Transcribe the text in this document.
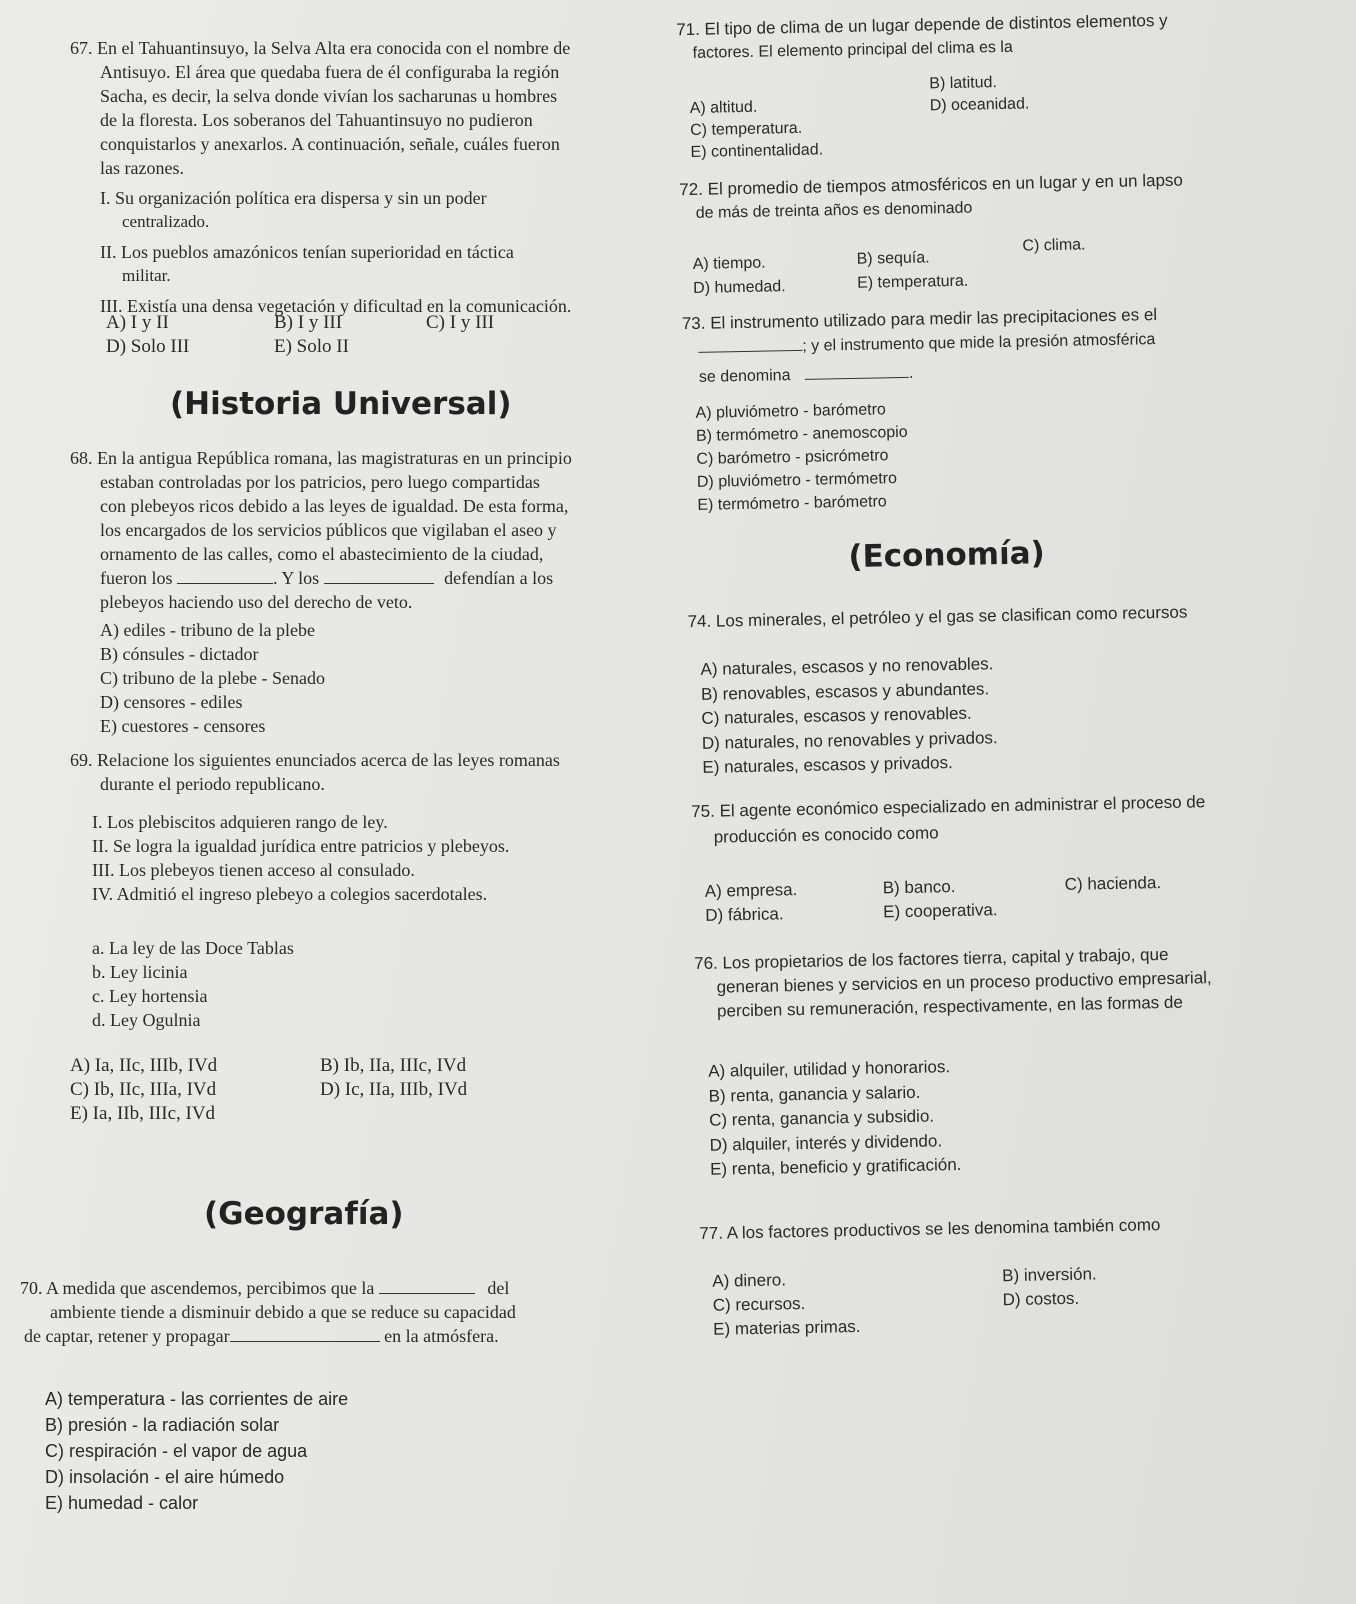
67. En el Tahuantinsuyo, la Selva Alta era conocida con el nombre de

Antisuyo. El área que quedaba fuera de él configuraba la región

Sacha, es decir, la selva donde vivían los sacharunas u hombres

de la floresta. Los soberanos del Tahuantinsuyo no pudieron

conquistarlos y anexarlos. A continuación, señale, cuáles fueron

las razones.

I. Su organización política era dispersa y sin un poder

centralizado.

II. Los pueblos amazónicos tenían superioridad en táctica

militar.

III. Existía una densa vegetación y dificultad en la comunicación.

A) I y II	B) I y III	C) I y III
D) Solo III	E) Solo II
(Historia Universal)

68. En la antigua República romana, las magistraturas en un principio

estaban controladas por los patricios, pero luego compartidas

con plebeyos ricos debido a las leyes de igualdad. De esta forma,

los encargados de los servicios públicos que vigilaban el aseo y

ornamento de las calles, como el abastecimiento de la ciudad,

fueron los	. Y los	defendían a los

plebeyos haciendo uso del derecho de veto.

A) ediles - tribuno de la plebe
B) cónsules - dictador
C) tribuno de la plebe - Senado
D) censores - ediles
E) cuestores - censores

69. Relacione los siguientes enunciados acerca de las leyes romanas

durante el periodo republicano.

I. Los plebiscitos adquieren rango de ley.
II. Se logra la igualdad jurídica entre patricios y plebeyos.
III. Los plebeyos tienen acceso al consulado.
IV. Admitió el ingreso plebeyo a colegios sacerdotales.
a. La ley de las Doce Tablas
b. Ley licinia
c. Ley hortensia
d. Ley Ogulnia
A) Ia, IIc, IIIb, IVd	B) Ib, IIa, IIIc, IVd
C) Ib, IIc, IIIa, IVd	D) Ic, IIa, IIIb, IVd
E) Ia, IIb, IIIc, IVd
(Geografía)

70. A medida que ascendemos, percibimos que la	del

ambiente tiende a disminuir debido a que se reduce su capacidad

de captar, retener y propagar	en la atmósfera.

A) temperatura - las corrientes de aire
B) presión - la radiación solar
C) respiración - el vapor de agua
D) insolación - el aire húmedo
E) humedad - calor

71. El tipo de clima de un lugar depende de distintos elementos y

factores. El elemento principal del clima es la

A) altitud.
B) latitud.
C) temperatura.
D) oceanidad.
E) continentalidad.

72. El promedio de tiempos atmosféricos en un lugar y en un lapso

de más de treinta años es denominado

A) tiempo.	B) sequía.
C) clima.
D) humedad.	E) temperatura.

73. El instrumento utilizado para medir las precipitaciones es el

; y el instrumento que mide la presión atmosférica

se denomina	.

A) pluviómetro - barómetro
B) termómetro - anemoscopio
C) barómetro - psicrómetro
D) pluviómetro - termómetro
E) termómetro - barómetro
(Economía)

74. Los minerales, el petróleo y el gas se clasifican como recursos

A) naturales, escasos y no renovables.
B) renovables, escasos y abundantes.
C) naturales, escasos y renovables.
D) naturales, no renovables y privados.
E) naturales, escasos y privados.

75. El agente económico especializado en administrar el proceso de

producción es conocido como

A) empresa.	B) banco.	C) hacienda.
D) fábrica.	E) cooperativa.

76. Los propietarios de los factores tierra, capital y trabajo, que

generan bienes y servicios en un proceso productivo empresarial,

perciben su remuneración, respectivamente, en las formas de

A) alquiler, utilidad y honorarios.
B) renta, ganancia y salario.
C) renta, ganancia y subsidio.
D) alquiler, interés y dividendo.
E) renta, beneficio y gratificación.

77. A los factores productivos se les denomina también como

A) dinero.	B) inversión.
C) recursos.	D) costos.
E) materias primas.
